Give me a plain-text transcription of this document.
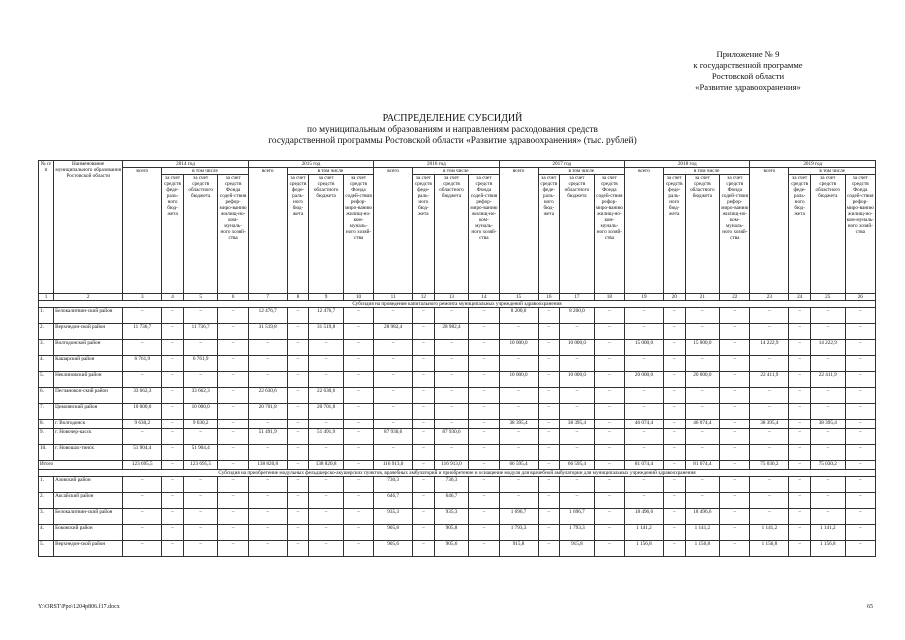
Приложение № 9
к государственной программе
Ростовской области
«Развитие здравоохранения»
РАСПРЕДЕЛЕНИЕ СУБСИДИЙ
по муниципальным образованиям и направлениям расходования средств
государственной программы Ростовской области «Развитие здравоохранения» (тыс. рублей)
№ п/п	Наименование муниципального образования Ростовской области	2014 год				2015 год				2016 год				2017 год				2018 год				2019 год			
		всего	в том числе			всего	в том числе			всего	в том числе			всего	в том числе			всего	в том числе			всего	в том числе		
			за счет средств феде-раль-ного бюд-жета	за счет средств областного бюджета	за счет средств Фонда содей-ствия рефор-миро-ванию жилищ-но-ком-муналь-ного хозяй-ства		за счет средств феде-раль-ного бюд-жета	за счет средств областного бюджета	за счет средств Фонда содей-ствия рефор-миро-ванию жилищ-но-ком-муналь-ного хозяй-ства		за счет средств феде-раль-ного бюд-жета	за счет средств областного бюджета	за счет средств Фонда содей-ствия рефор-миро-ванию жилищ-но-ком-муналь-ного хозяй-ства		за счет средств феде-раль-ного бюд-жета	за счет средств областного бюджета	за счет средств Фонда содей-ствия рефор-миро-ванию жилищ-но-ком-муналь-ного хозяй-ства		за счет средств феде-раль-ного бюд-жета	за счет средств областного бюджета	за счет средств Фонда содей-ствия рефор-миро-ванию жилищ-но-ком-муналь-ного хозяй-ства		за счет средств феде-раль-ного бюд-жета	за счет средств областного бюджета	за счет средств Фонда содей-ствия рефор-миро-ванию жилищ-но-ком-муналь-ного хозяй-ства
1	2	3	4	5	6	7	8	9	10	11	12	13	14	15	16	17	18	19	20	21	22	23	24	25	26
Субсидия на проведение капитального ремонта муниципальных учреждений здравоохранения																									
1.	Белокалитвин-ский район	–	–	–	–	12 476,7	–	12 476,7	–	–	–	–	–	8 200,0	–	8 200,0	–	–	–	–	–	–	–	–	–
2.	Верхнедон-ской район	11 736,7	–	11 736,7	–	31 519,8	–	31 519,8	–	28 982,4	–	28 982,4	–	–	–	–	–	–	–	–	–	–	–	–	–
3.	Волгодонской район	–	–	–	–	–	–	–	–	–	–	–	–	10 000,0	–	10 000,0	–	15 000,0	–	15 000,0	–	14 222,9	–	14 222,9	–
4.	Кашарский район	6 761,9	–	6 761,9	–	–	–	–	–	–	–	–	–	–	–	–	–	–	–	–	–	–	–	–	–
5.	Неклиновский район	–	–	–	–	–	–	–	–	–	–	–	–	10 000,0	–	10 000,0	–	20 000,0	–	20 000,0	–	22 411,9	–	22 411,9	–
6.	Песчанокоп-ский район	33 662,3	–	33 662,3	–	22 630,6	–	22 630,6	–	–	–	–	–	–	–	–	–	–	–	–	–	–	–	–	–
7.	Цимлянский район	10 000,0	–	10 000,0	–	20 701,8	–	20 701,8	–	–	–	–	–	–	–	–	–	–	–	–	–	–	–	–	–
8.	г. Волгодонск	9 630,2	–	9 630,2	–	–	–	–	–	–	–	–	–	38 395,4	–	38 395,4	–	46 074,4	–	46 074,4	–	38 395,4	–	38 395,4	–
9.	г. Новочер-касск	–	–	–	–	51 491,9	–	51 491,9	–	87 930,6	–	87 930,6	–	–	–	–	–	–	–	–	–	–	–	–	–
10.	г. Новошах-тинск	51 904,4	–	51 904,4	–	–	–	–	–	–	–	–	–	–	–	–	–	–	–	–	–	–	–	–	–
Итого		123 695,5	–	123 695,5	–	138 820,8	–	138 820,8	–	116 913,0	–	116 913,0	–	66 595,4	–	66 595,4	–	81 074,4	–	81 074,4	–	75 030,2	–	75 030,2	–
Субсидия на приобретение модульных фельдшерско-акушерских пунктов, врачебных амбулаторий и приобретение и оснащение модуля для врачебной амбулатории для муниципальных учреждений здравоохранения																									
1.	Азовский район	–	–	–	–	–	–	–	–	730,3	–	730,3	–	–	–	–	–	–	–	–	–	–	–	–	–
2.	Аксайский район	–	–	–	–	–	–	–	–	646,7	–	646,7	–	–	–	–	–	–	–	–	–	–	–	–	–
3.	Белокалитвин-ский район	–	–	–	–	–	–	–	–	935,3	–	935,3	–	1 696,7	–	1 696,7	–	18 496,6	–	18 496,6	–	–	–	–	–
4.	Боковский район	–	–	–	–	–	–	–	–	905,8	–	905,8	–	1 793,3	–	1 793,3	–	1 141,2	–	1 141,2	–	1 141,2	–	1 141,2	–
5.	Верхнедон-ской район	–	–	–	–	–	–	–	–	905,6	–	905,6	–	915,8	–	915,8	–	1 156,8	–	1 156,8	–	1 156,8	–	1 156,8	–
Y:\ORST\Ppo\1204p806.f17.docx	65
